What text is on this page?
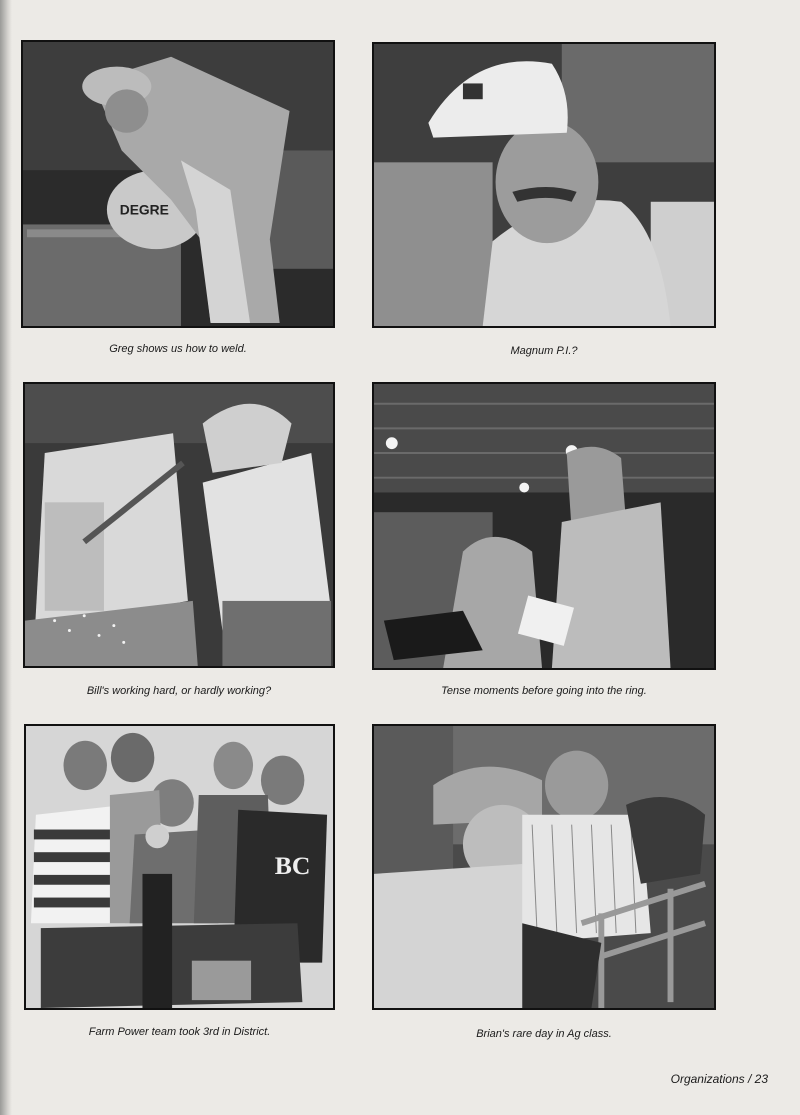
DEGRE
Greg shows us how to weld.	Magnum P.I.?
Bill's working hard, or hardly working?	Tense moments before going into the ring.
BC
Farm Power team took 3rd in District.	Brian's rare day in Ag class.
Organizations / 23
